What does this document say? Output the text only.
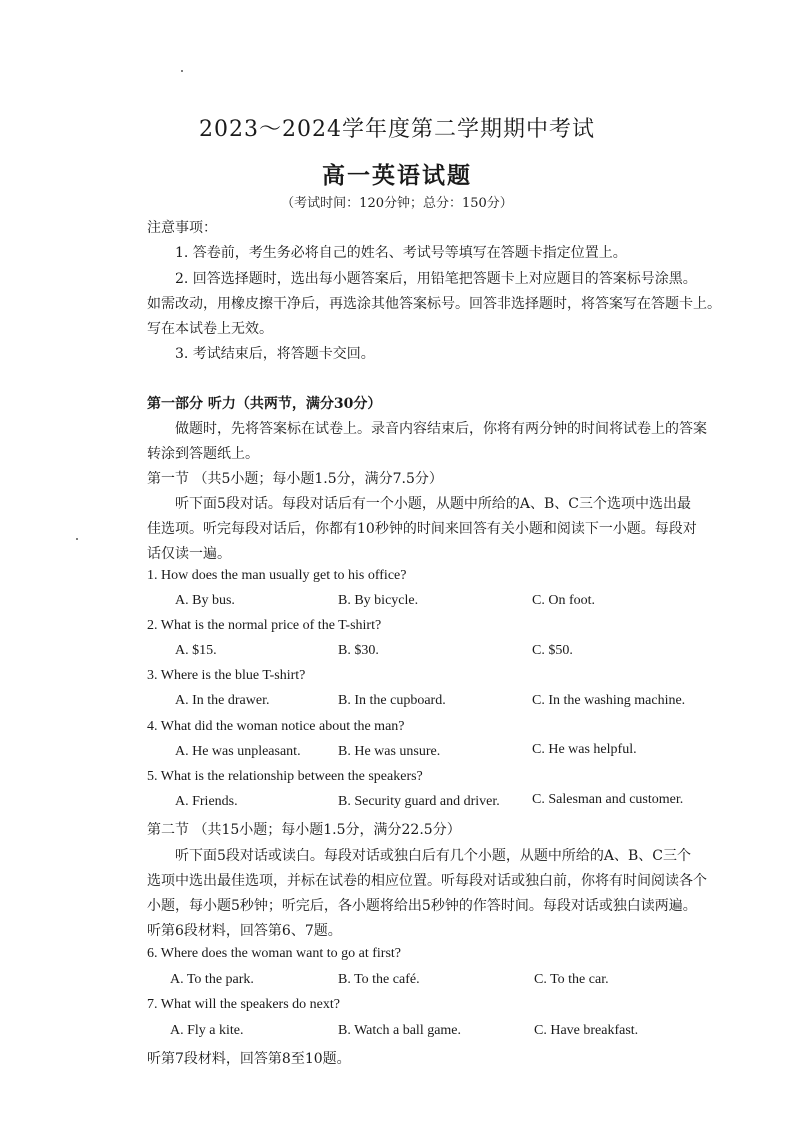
2023～2024学年度第二学期期中考试
高一英语试题
（考试时间：120分钟；总分：150分）
注意事项：
1. 答卷前，考生务必将自己的姓名、考试号等填写在答题卡指定位置上。
2. 回答选择题时，选出每小题答案后，用铅笔把答题卡上对应题目的答案标号涂黑。
如需改动，用橡皮擦干净后，再选涂其他答案标号。回答非选择题时，将答案写在答题卡上。
写在本试卷上无效。
3. 考试结束后，将答题卡交回。
第一部分 听力（共两节，满分30分）
做题时，先将答案标在试卷上。录音内容结束后，你将有两分钟的时间将试卷上的答案
转涂到答题纸上。
第一节 （共5小题；每小题1.5分，满分7.5分）
听下面5段对话。每段对话后有一个小题，从题中所给的A、B、C三个选项中选出最
佳选项。听完每段对话后，你都有10秒钟的时间来回答有关小题和阅读下一小题。每段对
话仅读一遍。
1. How does the man usually get to his office?
A. By bus.	B. By bicycle.	C. On foot.
2. What is the normal price of the T-shirt?
A. $15.	B. $30.	C. $50.
3. Where is the blue T-shirt?
A. In the drawer.	B. In the cupboard.	C. In the washing machine.
4. What did the woman notice about the man?
A. He was unpleasant.	B. He was unsure.	C. He was helpful.
5. What is the relationship between the speakers?
A. Friends.	B. Security guard and driver. C. Salesman and customer.
第二节 （共15小题；每小题1.5分，满分22.5分）
听下面5段对话或读白。每段对话或独白后有几个小题，从题中所给的A、B、C三个
选项中选出最佳选项，并标在试卷的相应位置。听每段对话或独白前，你将有时间阅读各个
小题，每小题5秒钟；听完后，各小题将给出5秒钟的作答时间。每段对话或独白读两遍。
听第6段材料，回答第6、7题。
6. Where does the woman want to go at first?
A. To the park.	B. To the café.	C. To the car.
7. What will the speakers do next?
A. Fly a kite.	B. Watch a ball game.	C. Have breakfast.
听第7段材料，回答第8至10题。
